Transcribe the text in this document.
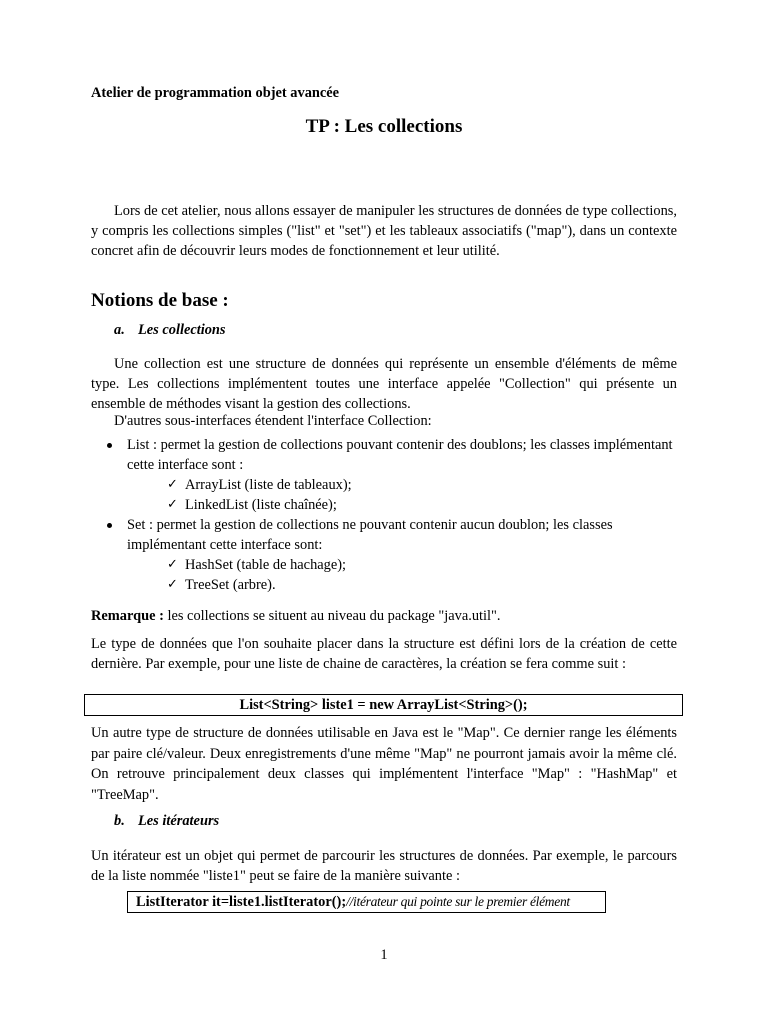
Atelier de programmation objet avancée
TP : Les collections
Lors de cet atelier, nous allons essayer de manipuler les structures de données de type collections, y compris les collections simples ("list" et "set") et les tableaux associatifs ("map"), dans un contexte concret afin de découvrir leurs modes de fonctionnement et leur utilité.
Notions de base :
a. Les collections
Une collection est une structure de données qui représente un ensemble d'éléments de même type. Les collections implémentent toutes une interface appelée "Collection" qui présente un ensemble de méthodes visant la gestion des collections.
D'autres sous-interfaces étendent l'interface Collection:
List : permet la gestion de collections pouvant contenir des doublons; les classes implémentant cette interface sont :
✓ ArrayList (liste de tableaux);
✓ LinkedList (liste chaînée);
Set : permet la gestion de collections ne pouvant contenir aucun doublon; les classes implémentant cette interface sont:
✓ HashSet (table de hachage);
✓ TreeSet (arbre).
Remarque : les collections se situent au niveau du package "java.util".
Le type de données que l'on souhaite placer dans la structure est défini lors de la création de cette dernière. Par exemple, pour une liste de chaine de caractères, la création se fera comme suit :
List<String> liste1 = new ArrayList<String>();
Un autre type de structure de données utilisable en Java est le "Map". Ce dernier range les éléments par paire clé/valeur. Deux enregistrements d'une même "Map" ne pourront jamais avoir la même clé. On retrouve principalement deux classes qui implémentent l'interface "Map" : "HashMap" et "TreeMap".
b. Les itérateurs
Un itérateur est un objet qui permet de parcourir les structures de données. Par exemple, le parcours de la liste nommée "liste1" peut se faire de la manière suivante :
ListIterator it=liste1.listIterator();//itérateur qui pointe sur le premier élément
1
